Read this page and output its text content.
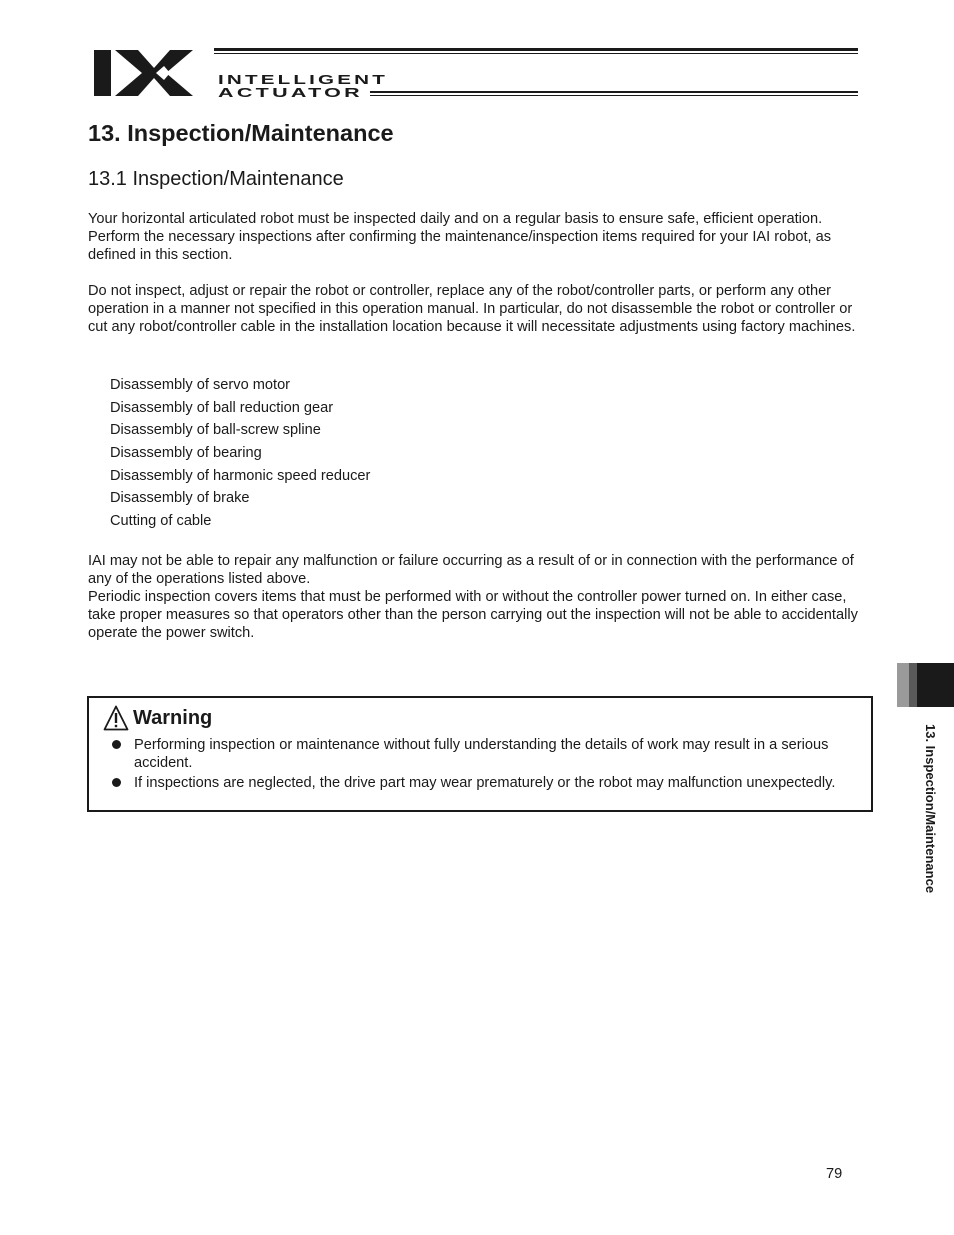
INTELLIGENT
ACTUATOR
13. Inspection/Maintenance
13.1 Inspection/Maintenance

Your horizontal articulated robot must be inspected daily and on a regular basis to ensure safe, efficient operation. Perform the necessary inspections after confirming the maintenance/inspection items required for your IAI robot, as defined in this section.

Do not inspect, adjust or repair the robot or controller, replace any of the robot/controller parts, or perform any other operation in a manner not specified in this operation manual. In particular, do not disassemble the robot or controller or cut any robot/controller cable in the installation location because it will necessitate adjustments using factory machines.

Disassembly of servo motor
Disassembly of ball reduction gear
Disassembly of ball-screw spline
Disassembly of bearing
Disassembly of harmonic speed reducer
Disassembly of brake
Cutting of cable

IAI may not be able to repair any malfunction or failure occurring as a result of or in connection with the performance of any of the operations listed above.

Periodic inspection covers items that must be performed with or without the controller power turned on. In either case, take proper measures so that operators other than the person carrying out the inspection will not be able to accidentally operate the power switch.

Warning
Performing inspection or maintenance without fully understanding the details of work may result in a serious accident.
If inspections are neglected, the drive part may wear prematurely or the robot may malfunction unexpectedly.	13. Inspection/Maintenance
79
